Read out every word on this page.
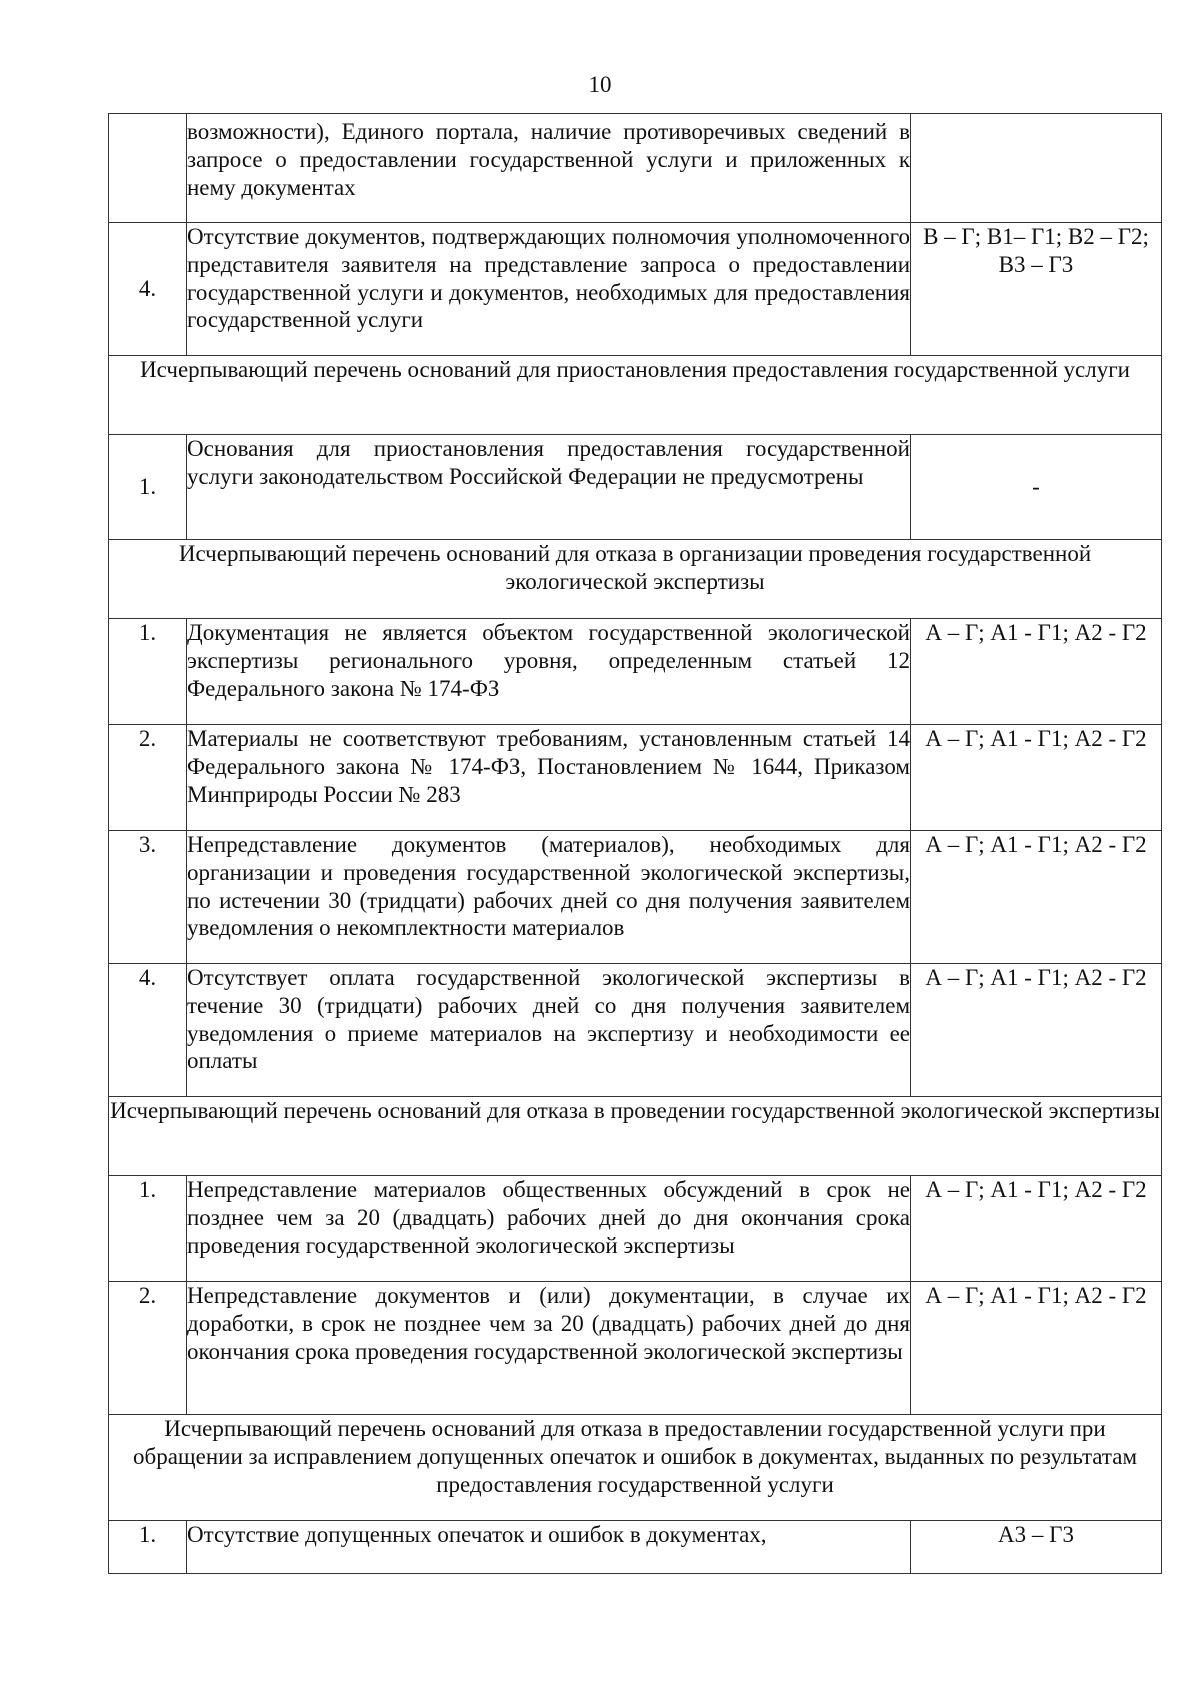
10
	возможности), Единого портала, наличие противоречивых сведений в запросе о предоставлении государственной услуги и приложенных к нему документах	
4.	Отсутствие документов, подтверждающих полномочия уполномоченного представителя заявителя на представление запроса о предоставлении государственной услуги и документов, необходимых для предоставления государственной услуги	В – Г; В1– Г1; В2 – Г2; В3 – Г3
Исчерпывающий перечень оснований для приостановления предоставления государственной услуги		
1.	Основания для приостановления предоставления государственной услуги законодательством Российской Федерации не предусмотрены	-
Исчерпывающий перечень оснований для отказа в организации проведения государственной экологической экспертизы		
1.	Документация не является объектом государственной экологической экспертизы регионального уровня, определенным статьей 12 Федерального закона № 174-ФЗ	А – Г; А1 - Г1; А2 - Г2
2.	Материалы не соответствуют требованиям, установленным статьей 14 Федерального закона № 174-ФЗ, Постановлением № 1644, Приказом Минприроды России № 283	А – Г; А1 - Г1; А2 - Г2
3.	Непредставление документов (материалов), необходимых для организации и проведения государственной экологической экспертизы, по истечении 30 (тридцати) рабочих дней со дня получения заявителем уведомления о некомплектности материалов	А – Г; А1 - Г1; А2 - Г2
4.	Отсутствует оплата государственной экологической экспертизы в течение 30 (тридцати) рабочих дней со дня получения заявителем уведомления о приеме материалов на экспертизу и необходимости ее оплаты	А – Г; А1 - Г1; А2 - Г2
Исчерпывающий перечень оснований для отказа в проведении государственной экологической экспертизы		
1.	Непредставление материалов общественных обсуждений в срок не позднее чем за 20 (двадцать) рабочих дней до дня окончания срока проведения государственной экологической экспертизы	А – Г; А1 - Г1; А2 - Г2
2.	Непредставление документов и (или) документации, в случае их доработки, в срок не позднее чем за 20 (двадцать) рабочих дней до дня окончания срока проведения государственной экологической экспертизы	А – Г; А1 - Г1; А2 - Г2
Исчерпывающий перечень оснований для отказа в предоставлении государственной услуги при обращении за исправлением допущенных опечаток и ошибок в документах, выданных по результатам предоставления государственной услуги		
1.	Отсутствие допущенных опечаток и ошибок в документах,	А3 – Г3
